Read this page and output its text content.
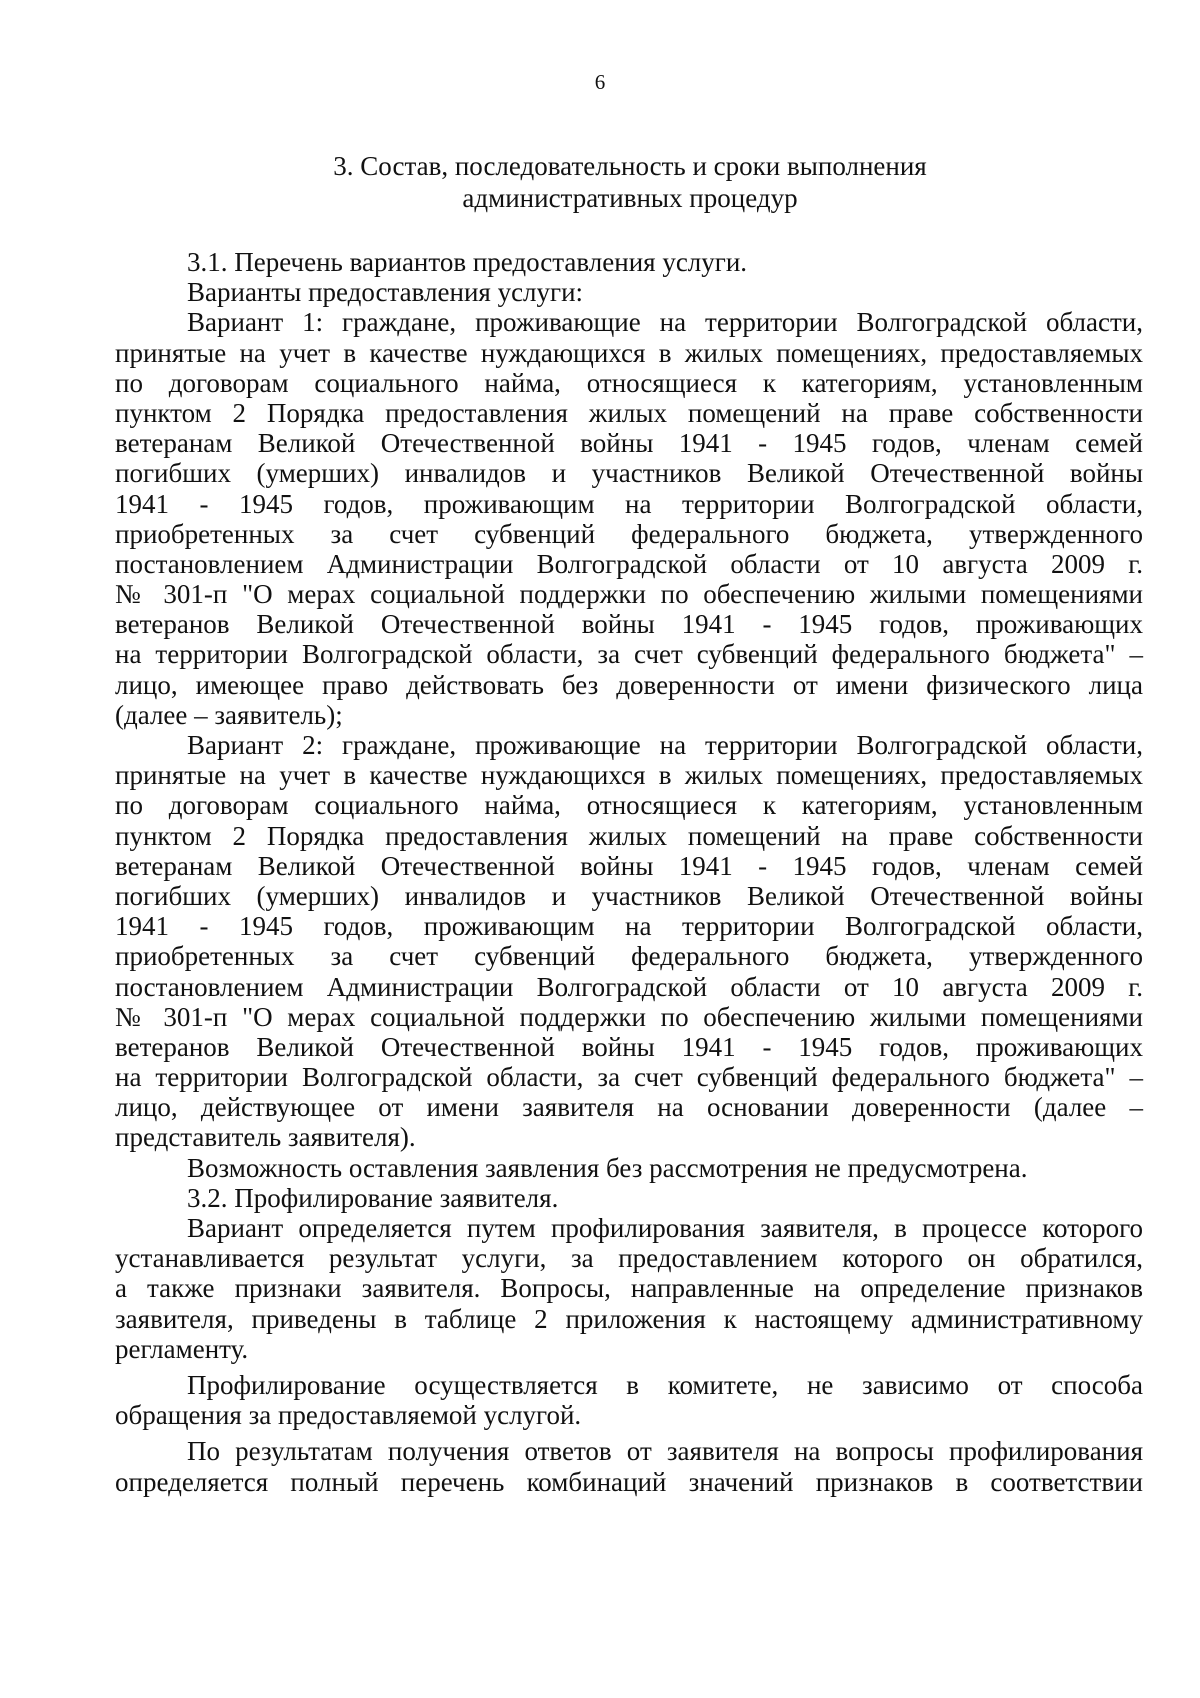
6
3. Состав, последовательность и сроки выполнения
административных процедур
3.1. Перечень вариантов предоставления услуги.
Варианты предоставления услуги:
Вариант 1: граждане, проживающие на территории Волгоградской области,
принятые на учет в качестве нуждающихся в жилых помещениях, предоставляемых
по договорам социального найма, относящиеся к категориям, установленным
пунктом 2 Порядка предоставления жилых помещений на праве собственности
ветеранам Великой Отечественной войны 1941 - 1945 годов, членам семей
погибших (умерших) инвалидов и участников Великой Отечественной войны
1941 - 1945 годов, проживающим на территории Волгоградской области,
приобретенных за счет субвенций федерального бюджета, утвержденного
постановлением Администрации Волгоградской области от 10 августа 2009 г.
№ 301-п "О мерах социальной поддержки по обеспечению жилыми помещениями
ветеранов Великой Отечественной войны 1941 - 1945 годов, проживающих
на территории Волгоградской области, за счет субвенций федерального бюджета" –
лицо, имеющее право действовать без доверенности от имени физического лица
(далее – заявитель);
Вариант 2: граждане, проживающие на территории Волгоградской области,
принятые на учет в качестве нуждающихся в жилых помещениях, предоставляемых
по договорам социального найма, относящиеся к категориям, установленным
пунктом 2 Порядка предоставления жилых помещений на праве собственности
ветеранам Великой Отечественной войны 1941 - 1945 годов, членам семей
погибших (умерших) инвалидов и участников Великой Отечественной войны
1941 - 1945 годов, проживающим на территории Волгоградской области,
приобретенных за счет субвенций федерального бюджета, утвержденного
постановлением Администрации Волгоградской области от 10 августа 2009 г.
№ 301-п "О мерах социальной поддержки по обеспечению жилыми помещениями
ветеранов Великой Отечественной войны 1941 - 1945 годов, проживающих
на территории Волгоградской области, за счет субвенций федерального бюджета" –
лицо, действующее от имени заявителя на основании доверенности (далее –
представитель заявителя).
Возможность оставления заявления без рассмотрения не предусмотрена.
3.2. Профилирование заявителя.
Вариант определяется путем профилирования заявителя, в процессе которого
устанавливается результат услуги, за предоставлением которого он обратился,
а также признаки заявителя. Вопросы, направленные на определение признаков
заявителя, приведены в таблице 2 приложения к настоящему административному
регламенту.
Профилирование осуществляется в комитете, не зависимо от способа
обращения за предоставляемой услугой.
По результатам получения ответов от заявителя на вопросы профилирования
определяется полный перечень комбинаций значений признаков в соответствии
